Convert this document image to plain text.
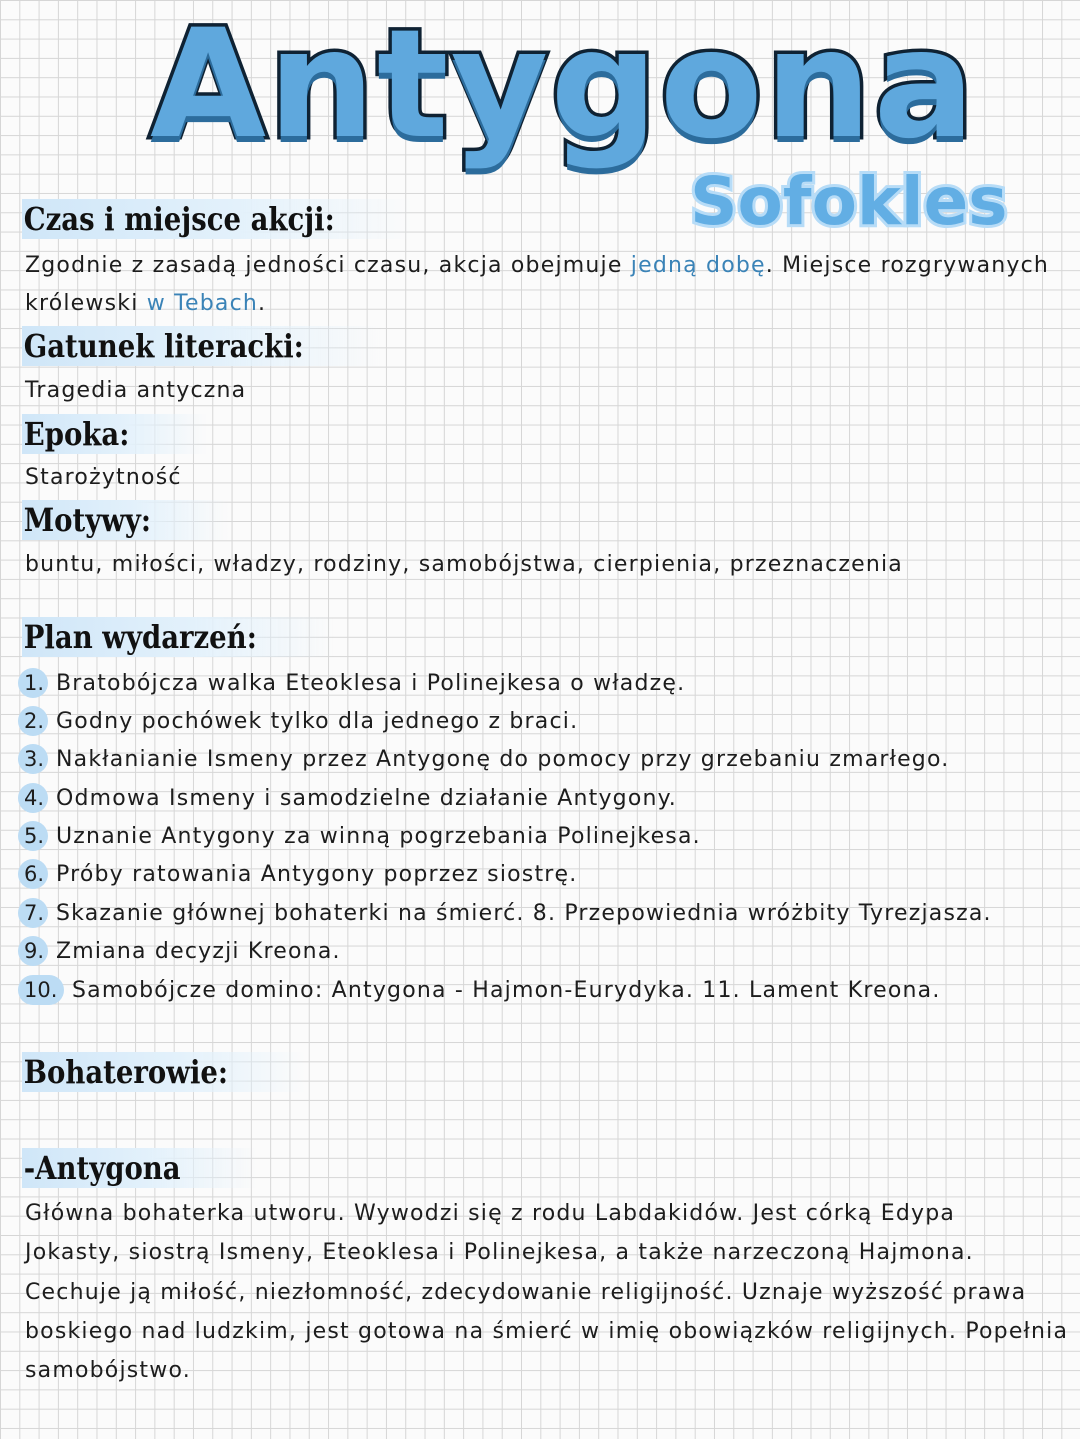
Antygona
Sofokles
Czas i miejsce akcji:
Zgodnie z zasadą jedności czasu, akcja obejmuje jedną dobę. Miejsce rozgrywanych
królewski w Tebach.
Gatunek literacki:
Tragedia antyczna
Epoka:
Starożytność
Motywy:
buntu, miłości, władzy, rodziny, samobójstwa, cierpienia, przeznaczenia
Plan wydarzeń:
1. Bratobójcza walka Eteoklesa i Polinejkesa o władzę.
2. Godny pochówek tylko dla jednego z braci.
3. Nakłanianie Ismeny przez Antygonę do pomocy przy grzebaniu zmarłego.
4. Odmowa Ismeny i samodzielne działanie Antygony.
5. Uznanie Antygony za winną pogrzebania Polinejkesa.
6. Próby ratowania Antygony poprzez siostrę.
7. Skazanie głównej bohaterki na śmierć. 8. Przepowiednia wróżbity Tyrezjasza.
9. Zmiana decyzji Kreona.
10. Samobójcze domino: Antygona - Hajmon-Eurydyka. 11. Lament Kreona.
Bohaterowie:
-Antygona
Główna bohaterka utworu. Wywodzi się z rodu Labdakidów. Jest córką Edypa
Jokasty, siostrą Ismeny, Eteoklesa i Polinejkesa, a także narzeczoną Hajmona.
Cechuje ją miłość, niezłomność, zdecydowanie religijność. Uznaje wyższość prawa
boskiego nad ludzkim, jest gotowa na śmierć w imię obowiązków religijnych. Popełnia
samobójstwo.
